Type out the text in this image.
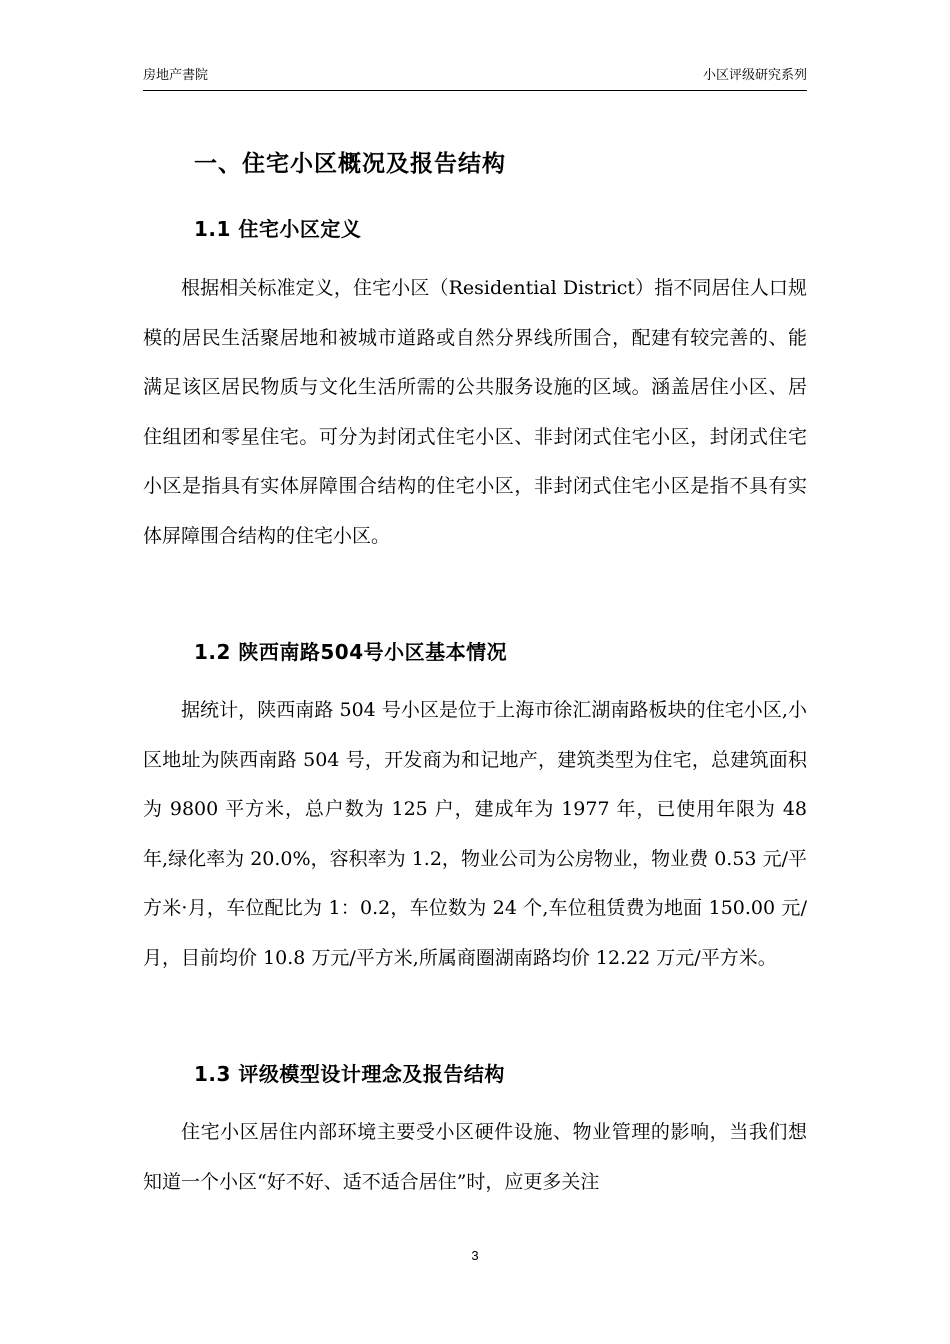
房地产書院	小区评级研究系列
一、住宅小区概况及报告结构
1.1 住宅小区定义

根据相关标准定义，住宅小区（Residential District）指不同居住人口规模的居民生活聚居地和被城市道路或自然分界线所围合，配建有较完善的、能满足该区居民物质与文化生活所需的公共服务设施的区域。涵盖居住小区、居住组团和零星住宅。可分为封闭式住宅小区、非封闭式住宅小区，封闭式住宅小区是指具有实体屏障围合结构的住宅小区，非封闭式住宅小区是指不具有实体屏障围合结构的住宅小区。

1.2 陕西南路504号小区基本情况

据统计，陕西南路 504 号小区是位于上海市徐汇湖南路板块的住宅小区,小区地址为陕西南路 504 号，开发商为和记地产，建筑类型为住宅，总建筑面积为 9800 平方米，总户数为 125 户，建成年为 1977 年，已使用年限为 48 年,绿化率为 20.0%，容积率为 1.2，物业公司为公房物业，物业费 0.53 元/平方米·月，车位配比为 1：0.2，车位数为 24 个,车位租赁费为地面 150.00 元/月，目前均价 10.8 万元/平方米,所属商圈湖南路均价 12.22 万元/平方米。

1.3 评级模型设计理念及报告结构

住宅小区居住内部环境主要受小区硬件设施、物业管理的影响，当我们想知道一个小区“好不好、适不适合居住”时，应更多关注

3
